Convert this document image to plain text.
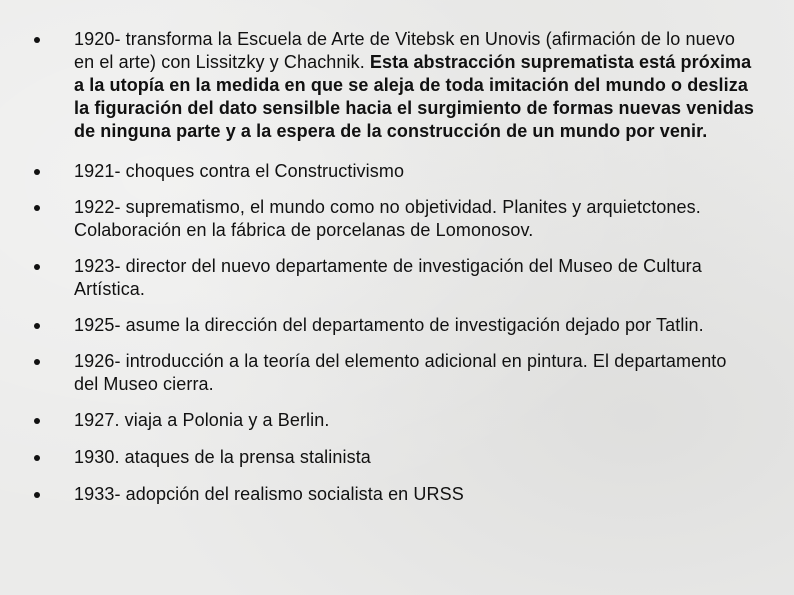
1920- transforma la Escuela de Arte de Vitebsk en Unovis (afirmación de lo nuevo en el arte) con Lissitzky y Chachnik. Esta abstracción suprematista está próxima a la utopía en la medida en que se aleja de toda imitación del mundo o desliza la figuración del dato sensilble hacia el surgimiento de formas nuevas venidas de ninguna parte y a la espera de la construcción de un mundo por venir.
1921- choques contra el Constructivismo
1922- suprematismo, el mundo como no objetividad. Planites y arquietctones. Colaboración en la fábrica de porcelanas de Lomonosov.
1923- director del nuevo departamente de investigación del Museo de Cultura Artística.
1925- asume la dirección del departamento de investigación dejado por Tatlin.
1926- introducción a la teoría del elemento adicional en pintura. El departamento del Museo cierra.
1927. viaja a Polonia y a Berlin.
1930. ataques de la prensa stalinista
1933- adopción del realismo socialista en URSS
